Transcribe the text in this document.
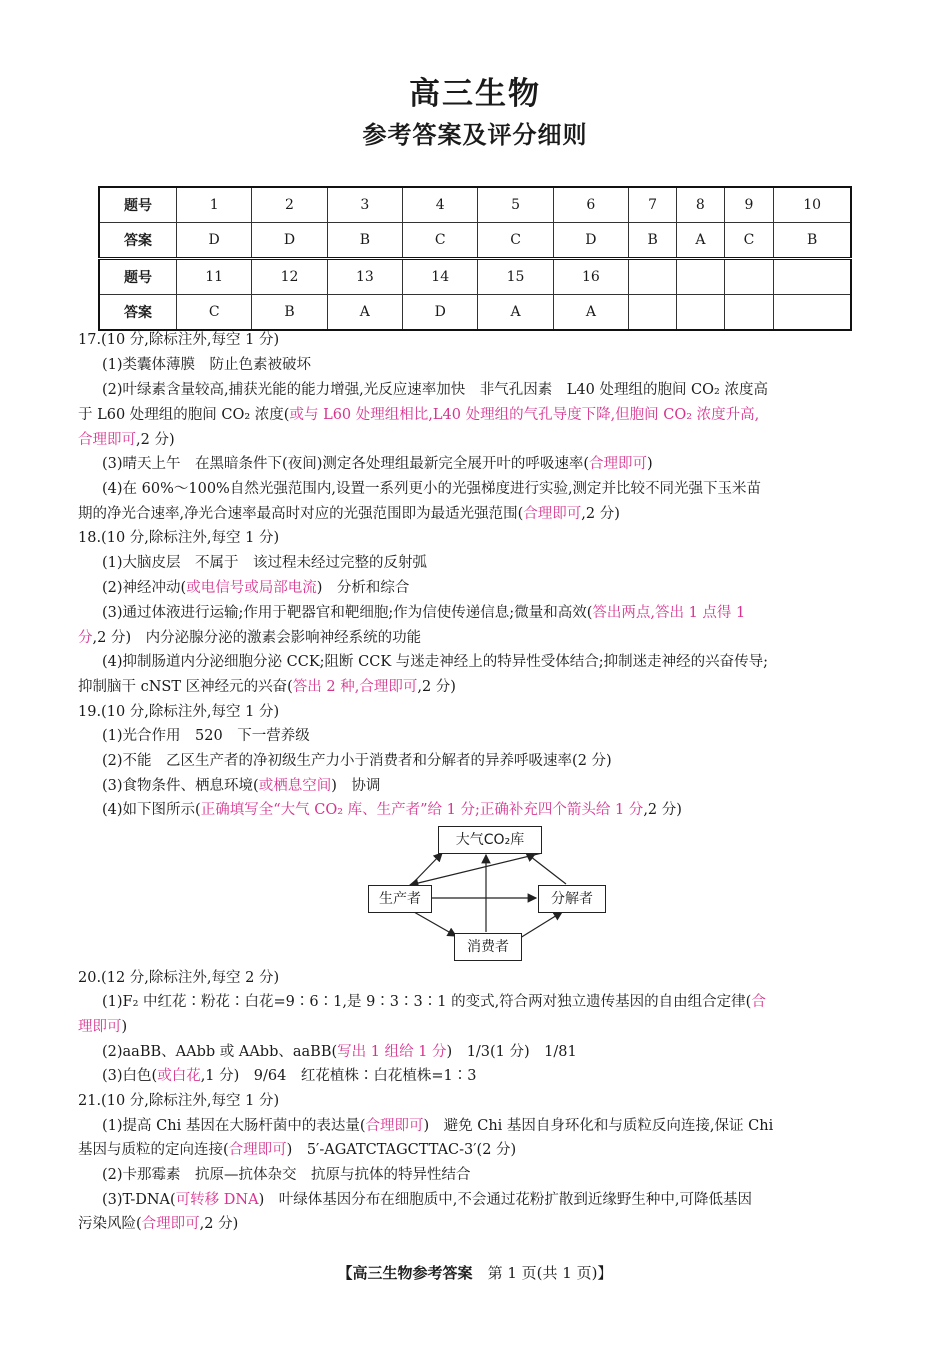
高三生物
参考答案及评分细则
题号	1	2	3	4	5	6	7	8	9	10
答案	D	D	B	C	C	D	B	A	C	B
题号	11	12	13	14	15	16				
答案	C	B	A	D	A	A				
17.(10 分,除标注外,每空 1 分)
(1)类囊体薄膜　防止色素被破坏
(2)叶绿素含量较高,捕获光能的能力增强,光反应速率加快　非气孔因素　L40 处理组的胞间 CO₂ 浓度高
于 L60 处理组的胞间 CO₂ 浓度(或与 L60 处理组相比,L40 处理组的气孔导度下降,但胞间 CO₂ 浓度升高,
合理即可,2 分)
(3)晴天上午　在黑暗条件下(夜间)测定各处理组最新完全展开叶的呼吸速率(合理即可)
(4)在 60%～100%自然光强范围内,设置一系列更小的光强梯度进行实验,测定并比较不同光强下玉米苗
期的净光合速率,净光合速率最高时对应的光强范围即为最适光强范围(合理即可,2 分)
18.(10 分,除标注外,每空 1 分)
(1)大脑皮层　不属于　该过程未经过完整的反射弧
(2)神经冲动(或电信号或局部电流)　分析和综合
(3)通过体液进行运输;作用于靶器官和靶细胞;作为信使传递信息;微量和高效(答出两点,答出 1 点得 1
分,2 分)　内分泌腺分泌的激素会影响神经系统的功能
(4)抑制肠道内分泌细胞分泌 CCK;阻断 CCK 与迷走神经上的特异性受体结合;抑制迷走神经的兴奋传导;
抑制脑干 cNST 区神经元的兴奋(答出 2 种,合理即可,2 分)
19.(10 分,除标注外,每空 1 分)
(1)光合作用　520　下一营养级
(2)不能　乙区生产者的净初级生产力小于消费者和分解者的异养呼吸速率(2 分)
(3)食物条件、栖息环境(或栖息空间)　协调
(4)如下图所示(正确填写全“大气 CO₂ 库、生产者”给 1 分;正确补充四个箭头给 1 分,2 分)
大气CO₂库
生产者	分解者
消费者
20.(12 分,除标注外,每空 2 分)
(1)F₂ 中红花∶粉花∶白花=9∶6∶1,是 9∶3∶3∶1 的变式,符合两对独立遗传基因的自由组合定律(合
理即可)
(2)aaBB、AAbb 或 AAbb、aaBB(写出 1 组给 1 分)　1/3(1 分)　1/81
(3)白色(或白花,1 分)　9/64　红花植株∶白花植株=1∶3
21.(10 分,除标注外,每空 1 分)
(1)提高 Chi 基因在大肠杆菌中的表达量(合理即可)　避免 Chi 基因自身环化和与质粒反向连接,保证 Chi
基因与质粒的定向连接(合理即可)　5′-AGATCTAGCTTAC-3′(2 分)
(2)卡那霉素　抗原—抗体杂交　抗原与抗体的特异性结合
(3)T-DNA(可转移 DNA)　叶绿体基因分布在细胞质中,不会通过花粉扩散到近缘野生种中,可降低基因
污染风险(合理即可,2 分)
【高三生物参考答案　第 1 页(共 1 页)】
